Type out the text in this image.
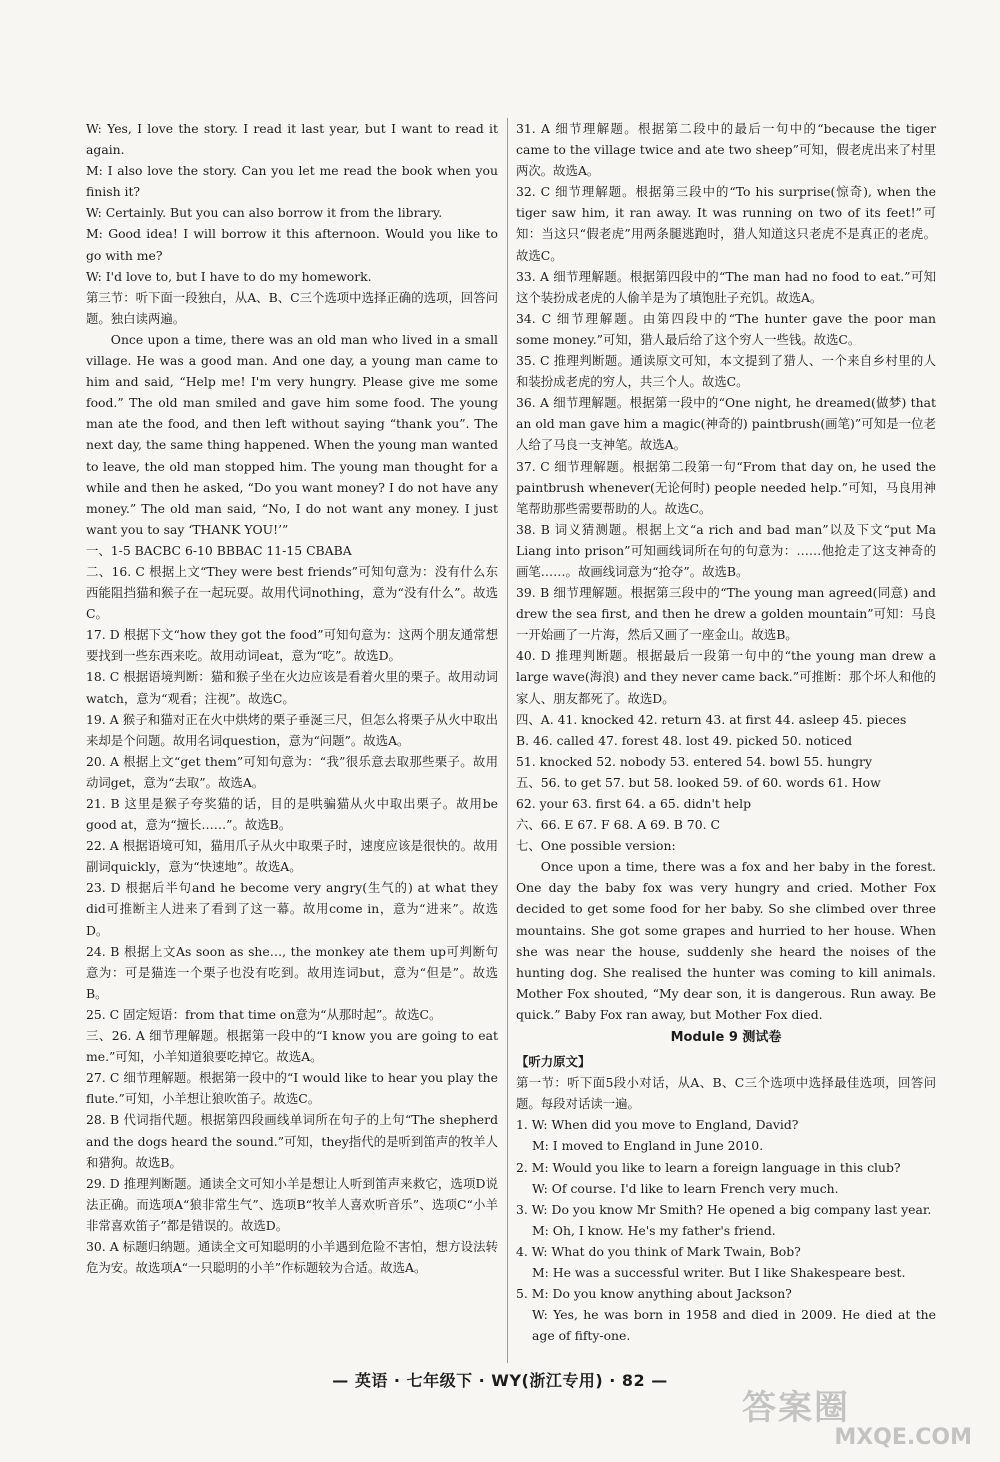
W: Yes, I love the story. I read it last year, but I want to read it again.

M: I also love the story. Can you let me read the book when you finish it?

W: Certainly. But you can also borrow it from the library.

M: Good idea! I will borrow it this afternoon. Would you like to go with me?

W: I'd love to, but I have to do my homework.

第三节：听下面一段独白，从A、B、C三个选项中选择正确的选项，回答问题。独白读两遍。

Once upon a time, there was an old man who lived in a small village. He was a good man. And one day, a young man came to him and said, “Help me! I'm very hungry. Please give me some food.” The old man smiled and gave him some food. The young man ate the food, and then left without saying “thank you”. The next day, the same thing happened. When the young man wanted to leave, the old man stopped him. The young man thought for a while and then he asked, “Do you want money? I do not have any money.” The old man said, “No, I do not want any money. I just want you to say ‘THANK YOU!’”

一、1-5 BACBC 6-10 BBBAC 11-15 CBABA

二、16. C 根据上文“They were best friends”可知句意为：没有什么东西能阻挡猫和猴子在一起玩耍。故用代词nothing，意为“没有什么”。故选C。

17. D 根据下文“how they got the food”可知句意为：这两个朋友通常想要找到一些东西来吃。故用动词eat，意为“吃”。故选D。

18. C 根据语境判断：猫和猴子坐在火边应该是看着火里的栗子。故用动词watch，意为“观看；注视”。故选C。

19. A 猴子和猫对正在火中烘烤的栗子垂涎三尺，但怎么将栗子从火中取出来却是个问题。故用名词question，意为“问题”。故选A。

20. A 根据上文“get them”可知句意为：“我”很乐意去取那些栗子。故用动词get，意为“去取”。故选A。

21. B 这里是猴子夸奖猫的话，目的是哄骗猫从火中取出栗子。故用be good at，意为“擅长……”。故选B。

22. A 根据语境可知，猫用爪子从火中取栗子时，速度应该是很快的。故用副词quickly，意为“快速地”。故选A。

23. D 根据后半句and he become very angry(生气的) at what they did可推断主人进来了看到了这一幕。故用come in，意为“进来”。故选D。

24. B 根据上文As soon as she…, the monkey ate them up可判断句意为：可是猫连一个栗子也没有吃到。故用连词but，意为“但是”。故选B。

25. C 固定短语：from that time on意为“从那时起”。故选C。

三、26. A 细节理解题。根据第一段中的“I know you are going to eat me.”可知，小羊知道狼要吃掉它。故选A。

27. C 细节理解题。根据第一段中的“I would like to hear you play the flute.”可知，小羊想让狼吹笛子。故选C。

28. B 代词指代题。根据第四段画线单词所在句子的上句“The shepherd and the dogs heard the sound.”可知，they指代的是听到笛声的牧羊人和猎狗。故选B。

29. D 推理判断题。通读全文可知小羊是想让人听到笛声来救它，选项D说法正确。而选项A“狼非常生气”、选项B“牧羊人喜欢听音乐”、选项C“小羊非常喜欢笛子”都是错误的。故选D。

30. A 标题归纳题。通读全文可知聪明的小羊遇到危险不害怕，想方设法转危为安。故选项A“一只聪明的小羊”作标题较为合适。故选A。

31. A 细节理解题。根据第二段中的最后一句中的“because the tiger came to the village twice and ate two sheep”可知，假老虎出来了村里两次。故选A。

32. C 细节理解题。根据第三段中的“To his surprise(惊奇), when the tiger saw him, it ran away. It was running on two of its feet!”可知：当这只“假老虎”用两条腿逃跑时，猎人知道这只老虎不是真正的老虎。故选C。

33. A 细节理解题。根据第四段中的“The man had no food to eat.”可知这个装扮成老虎的人偷羊是为了填饱肚子充饥。故选A。

34. C 细节理解题。由第四段中的“The hunter gave the poor man some money.”可知，猎人最后给了这个穷人一些钱。故选C。

35. C 推理判断题。通读原文可知，本文提到了猎人、一个来自乡村里的人和装扮成老虎的穷人，共三个人。故选C。

36. A 细节理解题。根据第一段中的“One night, he dreamed(做梦) that an old man gave him a magic(神奇的) paintbrush(画笔)”可知是一位老人给了马良一支神笔。故选A。

37. C 细节理解题。根据第二段第一句“From that day on, he used the paintbrush whenever(无论何时) people needed help.”可知，马良用神笔帮助那些需要帮助的人。故选C。

38. B 词义猜测题。根据上文“a rich and bad man”以及下文“put Ma Liang into prison”可知画线词所在句的句意为：……他抢走了这支神奇的画笔……。故画线词意为“抢夺”。故选B。

39. B 细节理解题。根据第三段中的“The young man agreed(同意) and drew the sea first, and then he drew a golden mountain”可知：马良一开始画了一片海，然后又画了一座金山。故选B。

40. D 推理判断题。根据最后一段第一句中的“the young man drew a large wave(海浪) and they never came back.”可推断：那个坏人和他的家人、朋友都死了。故选D。

四、A. 41. knocked 42. return 43. at first 44. asleep 45. pieces

B. 46. called 47. forest 48. lost 49. picked 50. noticed

51. knocked 52. nobody 53. entered 54. bowl 55. hungry

五、56. to get 57. but 58. looked 59. of 60. words 61. How

62. your 63. first 64. a 65. didn't help

六、66. E 67. F 68. A 69. B 70. C

七、One possible version:

Once upon a time, there was a fox and her baby in the forest. One day the baby fox was very hungry and cried. Mother Fox decided to get some food for her baby. So she climbed over three mountains. She got some grapes and hurried to her house. When she was near the house, suddenly she heard the noises of the hunting dog. She realised the hunter was coming to kill animals. Mother Fox shouted, “My dear son, it is dangerous. Run away. Be quick.” Baby Fox ran away, but Mother Fox died.

Module 9 测试卷

【听力原文】

第一节：听下面5段小对话，从A、B、C三个选项中选择最佳选项，回答问题。每段对话读一遍。

1. W: When did you move to England, David?

M: I moved to England in June 2010.

2. M: Would you like to learn a foreign language in this club?

W: Of course. I'd like to learn French very much.

3. W: Do you know Mr Smith? He opened a big company last year.

M: Oh, I know. He's my father's friend.

4. W: What do you think of Mark Twain, Bob?

M: He was a successful writer. But I like Shakespeare best.

5. M: Do you know anything about Jackson?

W: Yes, he was born in 1958 and died in 2009. He died at the age of fifty-one.

— 英语 · 七年级下 · WY(浙江专用) · 82 —
答案圈
MXQE.COM
